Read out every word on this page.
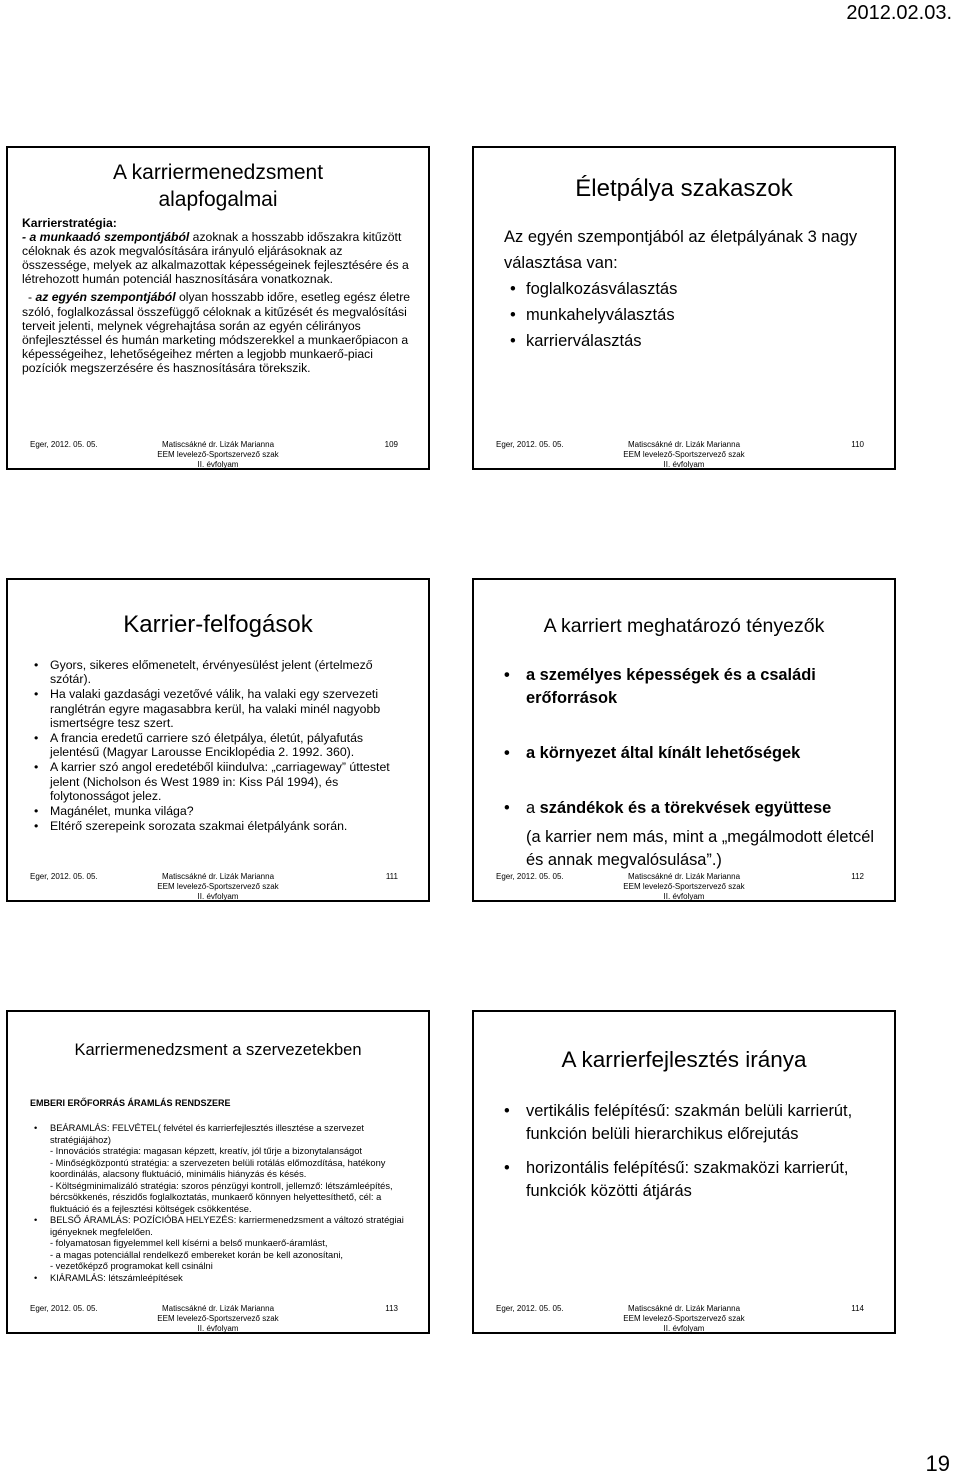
2012.02.03.
A karriermenedzsment
alapfogalmai
Karrierstratégia:
- a munkaadó szempontjából azoknak a hosszabb időszakra kitűzött céloknak és azok megvalósítására irányuló eljárásoknak az összessége, melyek az alkalmazottak képességeinek fejlesztésére és a létrehozott humán potenciál hasznosítására vonatkoznak.
- az egyén szempontjából olyan hosszabb időre, esetleg egész életre szóló, foglalkozással összefüggő céloknak a kitűzését és megvalósítási terveit jelenti, melynek végrehajtása során az egyén célirányos önfejlesztéssel és humán marketing módszerekkel a munkaerőpiacon a képességeihez, lehetőségeihez mérten a legjobb munkaerő-piaci pozíciók megszerzésére és hasznosítására törekszik.
Eger, 2012. 05. 05.	Matiscsákné dr. Lizák Marianna
EEM levelező-Sportszervező szak
II. évfolyam
109
Életpálya szakaszok
Az egyén szempontjából az életpályának 3 nagy választása van:
• foglalkozásválasztás
• munkahelyválasztás
• karrierválasztás
Eger, 2012. 05. 05.	Matiscsákné dr. Lizák Marianna
EEM levelező-Sportszervező szak
II. évfolyam
110
Karrier-felfogások
• Gyors, sikeres előmenetelt, érvényesülést jelent (értelmező szótár).
• Ha valaki gazdasági vezetővé válik, ha valaki egy szervezeti ranglétrán egyre magasabbra kerül, ha valaki minél nagyobb ismertségre tesz szert.
• A francia eredetű carriere szó életpálya, életút, pályafutás jelentésű (Magyar Larousse Enciklopédia 2. 1992. 360).
• A karrier szó angol eredetéből kiindulva: „carriageway” úttestet jelent (Nicholson és West 1989 in: Kiss Pál 1994), és folytonosságot jelez.
• Magánélet, munka világa?
• Eltérő szerepeink sorozata szakmai életpályánk során.
Eger, 2012. 05. 05.	Matiscsákné dr. Lizák Marianna
EEM levelező-Sportszervező szak
II. évfolyam
111
A karriert meghatározó tényezők
• a személyes képességek és a családi erőforrások
• a környezet által kínált lehetőségek
• a szándékok és a törekvések együttese
(a karrier nem más, mint a „megálmodott életcél és annak megvalósulása”.)
Eger, 2012. 05. 05.	Matiscsákné dr. Lizák Marianna
EEM levelező-Sportszervező szak
II. évfolyam
112
Karriermenedzsment a szervezetekben
EMBERI ERŐFORRÁS ÁRAMLÁS RENDSZERE
• BEÁRAMLÁS: FELVÉTEL( felvétel és karrierfejlesztés illesztése a szervezet stratégiájához)
- Innovációs stratégia: magasan képzett, kreatív, jól tűrje a bizonytalanságot
- Minőségközpontú stratégia: a szervezeten belüli rotálás előmozdítása, hatékony koordinálás, alacsony fluktuáció, minimális hiányzás és késés.
- Költségminimalizáló stratégia: szoros pénzügyi kontroll, jellemző: létszámleépítés, bércsökkenés, részidős foglalkoztatás, munkaerő könnyen helyettesíthető, cél: a fluktuáció és a fejlesztési költségek csökkentése.
• BELSŐ ÁRAMLÁS: POZÍCIÓBA HELYEZÉS: karriermenedzsment a változó stratégiai igényeknek megfelelően.
- folyamatosan figyelemmel kell kísérni a belső munkaerő-áramlást,
- a magas potenciállal rendelkező embereket korán be kell azonosítani,
- vezetőképző programokat kell csinálni
• KIÁRAMLÁS: létszámleépítések
Eger, 2012. 05. 05.	Matiscsákné dr. Lizák Marianna
EEM levelező-Sportszervező szak
II. évfolyam
113
A karrierfejlesztés iránya
• vertikális felépítésű: szakmán belüli karrierút, funkción belüli hierarchikus előrejutás
• horizontális felépítésű: szakmaközi karrierút, funkciók közötti átjárás
Eger, 2012. 05. 05.	Matiscsákné dr. Lizák Marianna
EEM levelező-Sportszervező szak
II. évfolyam
114
19
